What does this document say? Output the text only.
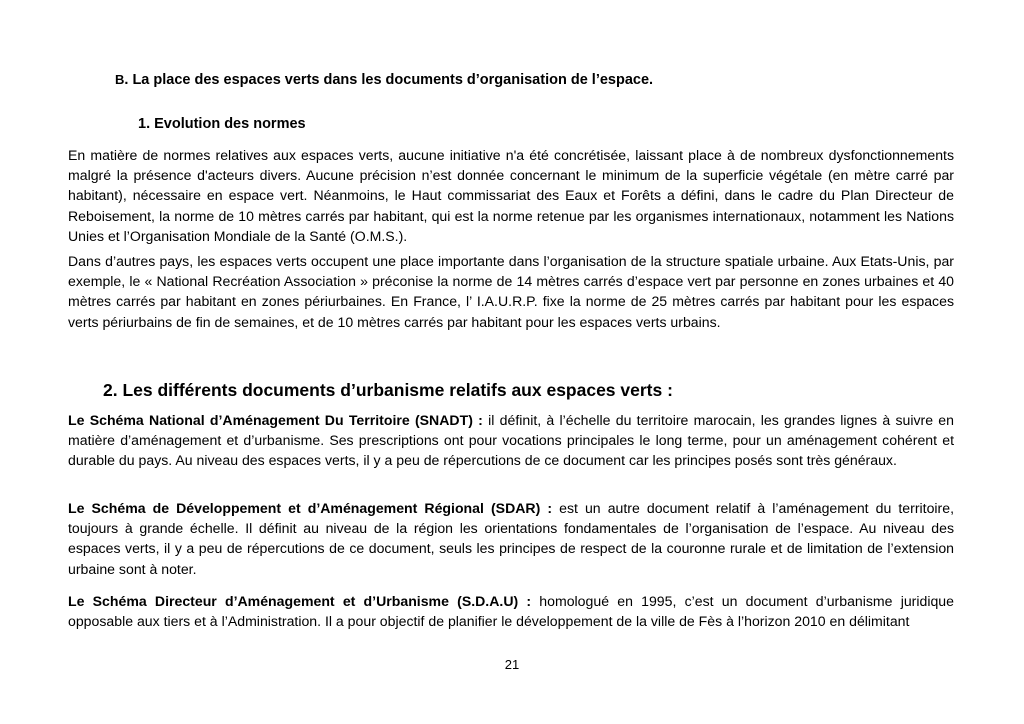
B. La place des espaces verts dans les documents d’organisation de l’espace.
1. Evolution des normes

En matière de normes relatives aux espaces verts, aucune initiative n'a été concrétisée, laissant place à de nombreux dysfonctionnements malgré la présence d'acteurs divers. Aucune précision n’est donnée concernant le minimum de la superficie végétale (en mètre carré par habitant), nécessaire en espace vert. Néanmoins, le Haut commissariat des Eaux et Forêts a défini, dans le cadre du Plan Directeur de Reboisement, la norme de 10 mètres carrés par habitant, qui est la norme retenue par les organismes internationaux, notamment les Nations Unies et l’Organisation Mondiale de la Santé (O.M.S.).

Dans d’autres pays, les espaces verts occupent une place importante dans l’organisation de la structure spatiale urbaine. Aux Etats-Unis, par exemple, le « National Recréation Association » préconise la norme de 14 mètres carrés d’espace vert par personne en zones urbaines et 40 mètres carrés par habitant en zones périurbaines. En France, l’ I.A.U.R.P. fixe la norme de 25 mètres carrés par habitant pour les espaces verts périurbains de fin de semaines, et de 10 mètres carrés par habitant pour les espaces verts urbains.

2. Les différents documents d’urbanisme relatifs aux espaces verts :

Le Schéma National d’Aménagement Du Territoire (SNADT) : il définit, à l’échelle du territoire marocain, les grandes lignes à suivre en matière d’aménagement et d’urbanisme. Ses prescriptions ont pour vocations principales le long terme, pour un aménagement cohérent et durable du pays. Au niveau des espaces verts, il y a peu de répercutions de ce document car les principes posés sont très généraux.

Le Schéma de Développement et d’Aménagement Régional (SDAR) : est un autre document relatif à l’aménagement du territoire, toujours à grande échelle. Il définit au niveau de la région les orientations fondamentales de l’organisation de l’espace. Au niveau des espaces verts, il y a peu de répercutions de ce document, seuls les principes de respect de la couronne rurale et de limitation de l’extension urbaine sont à noter.

Le Schéma Directeur d’Aménagement et d’Urbanisme (S.D.A.U) : homologué en 1995, c’est un document d’urbanisme juridique opposable aux tiers et à l’Administration. Il a pour objectif de planifier le développement de la ville de Fès à l’horizon 2010 en délimitant

21
